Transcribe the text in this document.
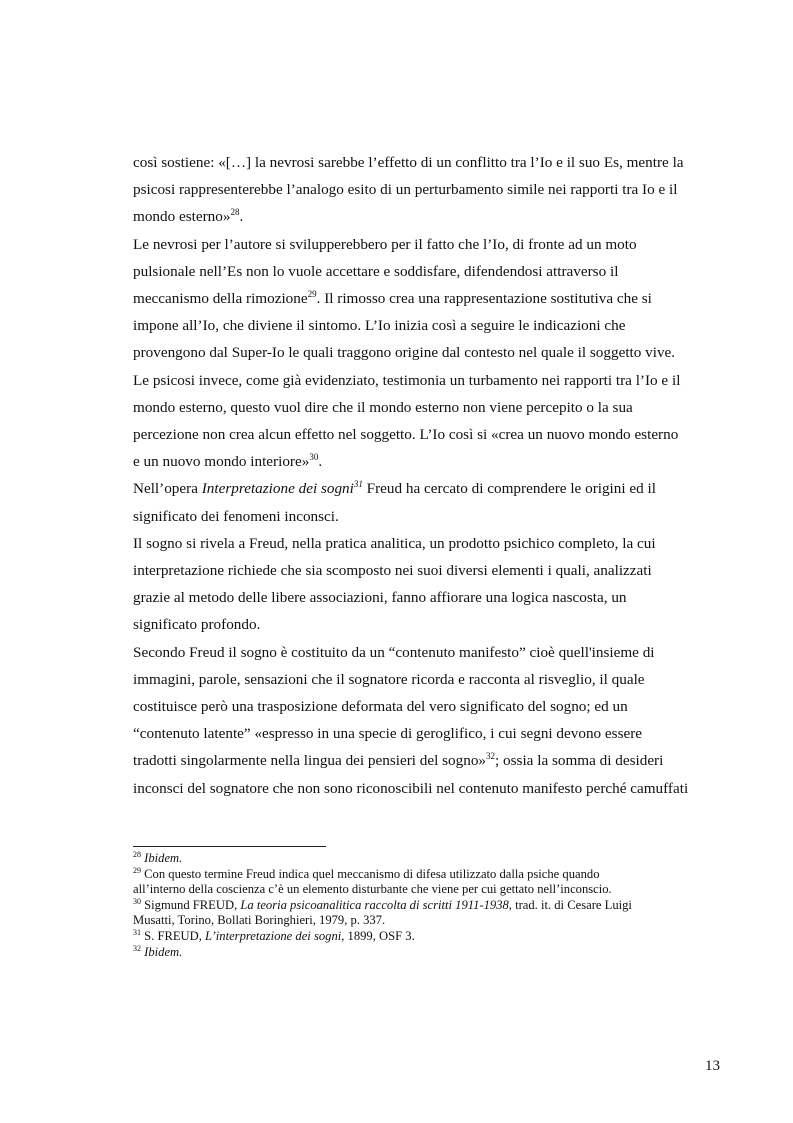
così sostiene: «[…] la nevrosi sarebbe l’effetto di un conflitto tra l’Io e il suo Es, mentre la
psicosi rappresenterebbe l’analogo esito di un perturbamento simile nei rapporti tra Io e il
mondo esterno»$^{28}$.
Le nevrosi per l’autore si svilupperebbero per il fatto che l’Io, di fronte ad un moto
pulsionale nell’Es non lo vuole accettare e soddisfare, difendendosi attraverso il
meccanismo della rimozione$^{29}$. Il rimosso crea una rappresentazione sostitutiva che si
impone all’Io, che diviene il sintomo. L’Io inizia così a seguire le indicazioni che
provengono dal Super-Io le quali traggono origine dal contesto nel quale il soggetto vive.
Le psicosi invece, come già evidenziato, testimonia un turbamento nei rapporti tra l’Io e il
mondo esterno, questo vuol dire che il mondo esterno non viene percepito o la sua
percezione non crea alcun effetto nel soggetto. L’Io così si «crea un nuovo mondo esterno
e un nuovo mondo interiore»$^{30}$.
Nell’opera Interpretazione dei sogni$^{31}$ Freud ha cercato di comprendere le origini ed il
significato dei fenomeni inconsci.
Il sogno si rivela a Freud, nella pratica analitica, un prodotto psichico completo, la cui
interpretazione richiede che sia scomposto nei suoi diversi elementi i quali, analizzati
grazie al metodo delle libere associazioni, fanno affiorare una logica nascosta, un
significato profondo.
Secondo Freud il sogno è costituito da un “contenuto manifesto” cioè quell'insieme di
immagini, parole, sensazioni che il sognatore ricorda e racconta al risveglio, il quale
costituisce però una trasposizione deformata del vero significato del sogno; ed un
“contenuto latente” «espresso in una specie di geroglifico, i cui segni devono essere
tradotti singolarmente nella lingua dei pensieri del sogno»$^{32}$; ossia la somma di desideri
inconsci del sognatore che non sono riconoscibili nel contenuto manifesto perché camuffati
$^{28}$ Ibidem.
$^{29}$ Con questo termine Freud indica quel meccanismo di difesa utilizzato dalla psiche quando
all’interno della coscienza c’è un elemento disturbante che viene per cui gettato nell’inconscio.
$^{30}$ Sigmund FREUD, La teoria psicoanalitica raccolta di scritti 1911-1938, trad. it. di Cesare Luigi
Musatti, Torino, Bollati Boringhieri, 1979, p. 337.
$^{31}$ S. FREUD, L’interpretazione dei sogni, 1899, OSF 3.
$^{32}$ Ibidem.
13
